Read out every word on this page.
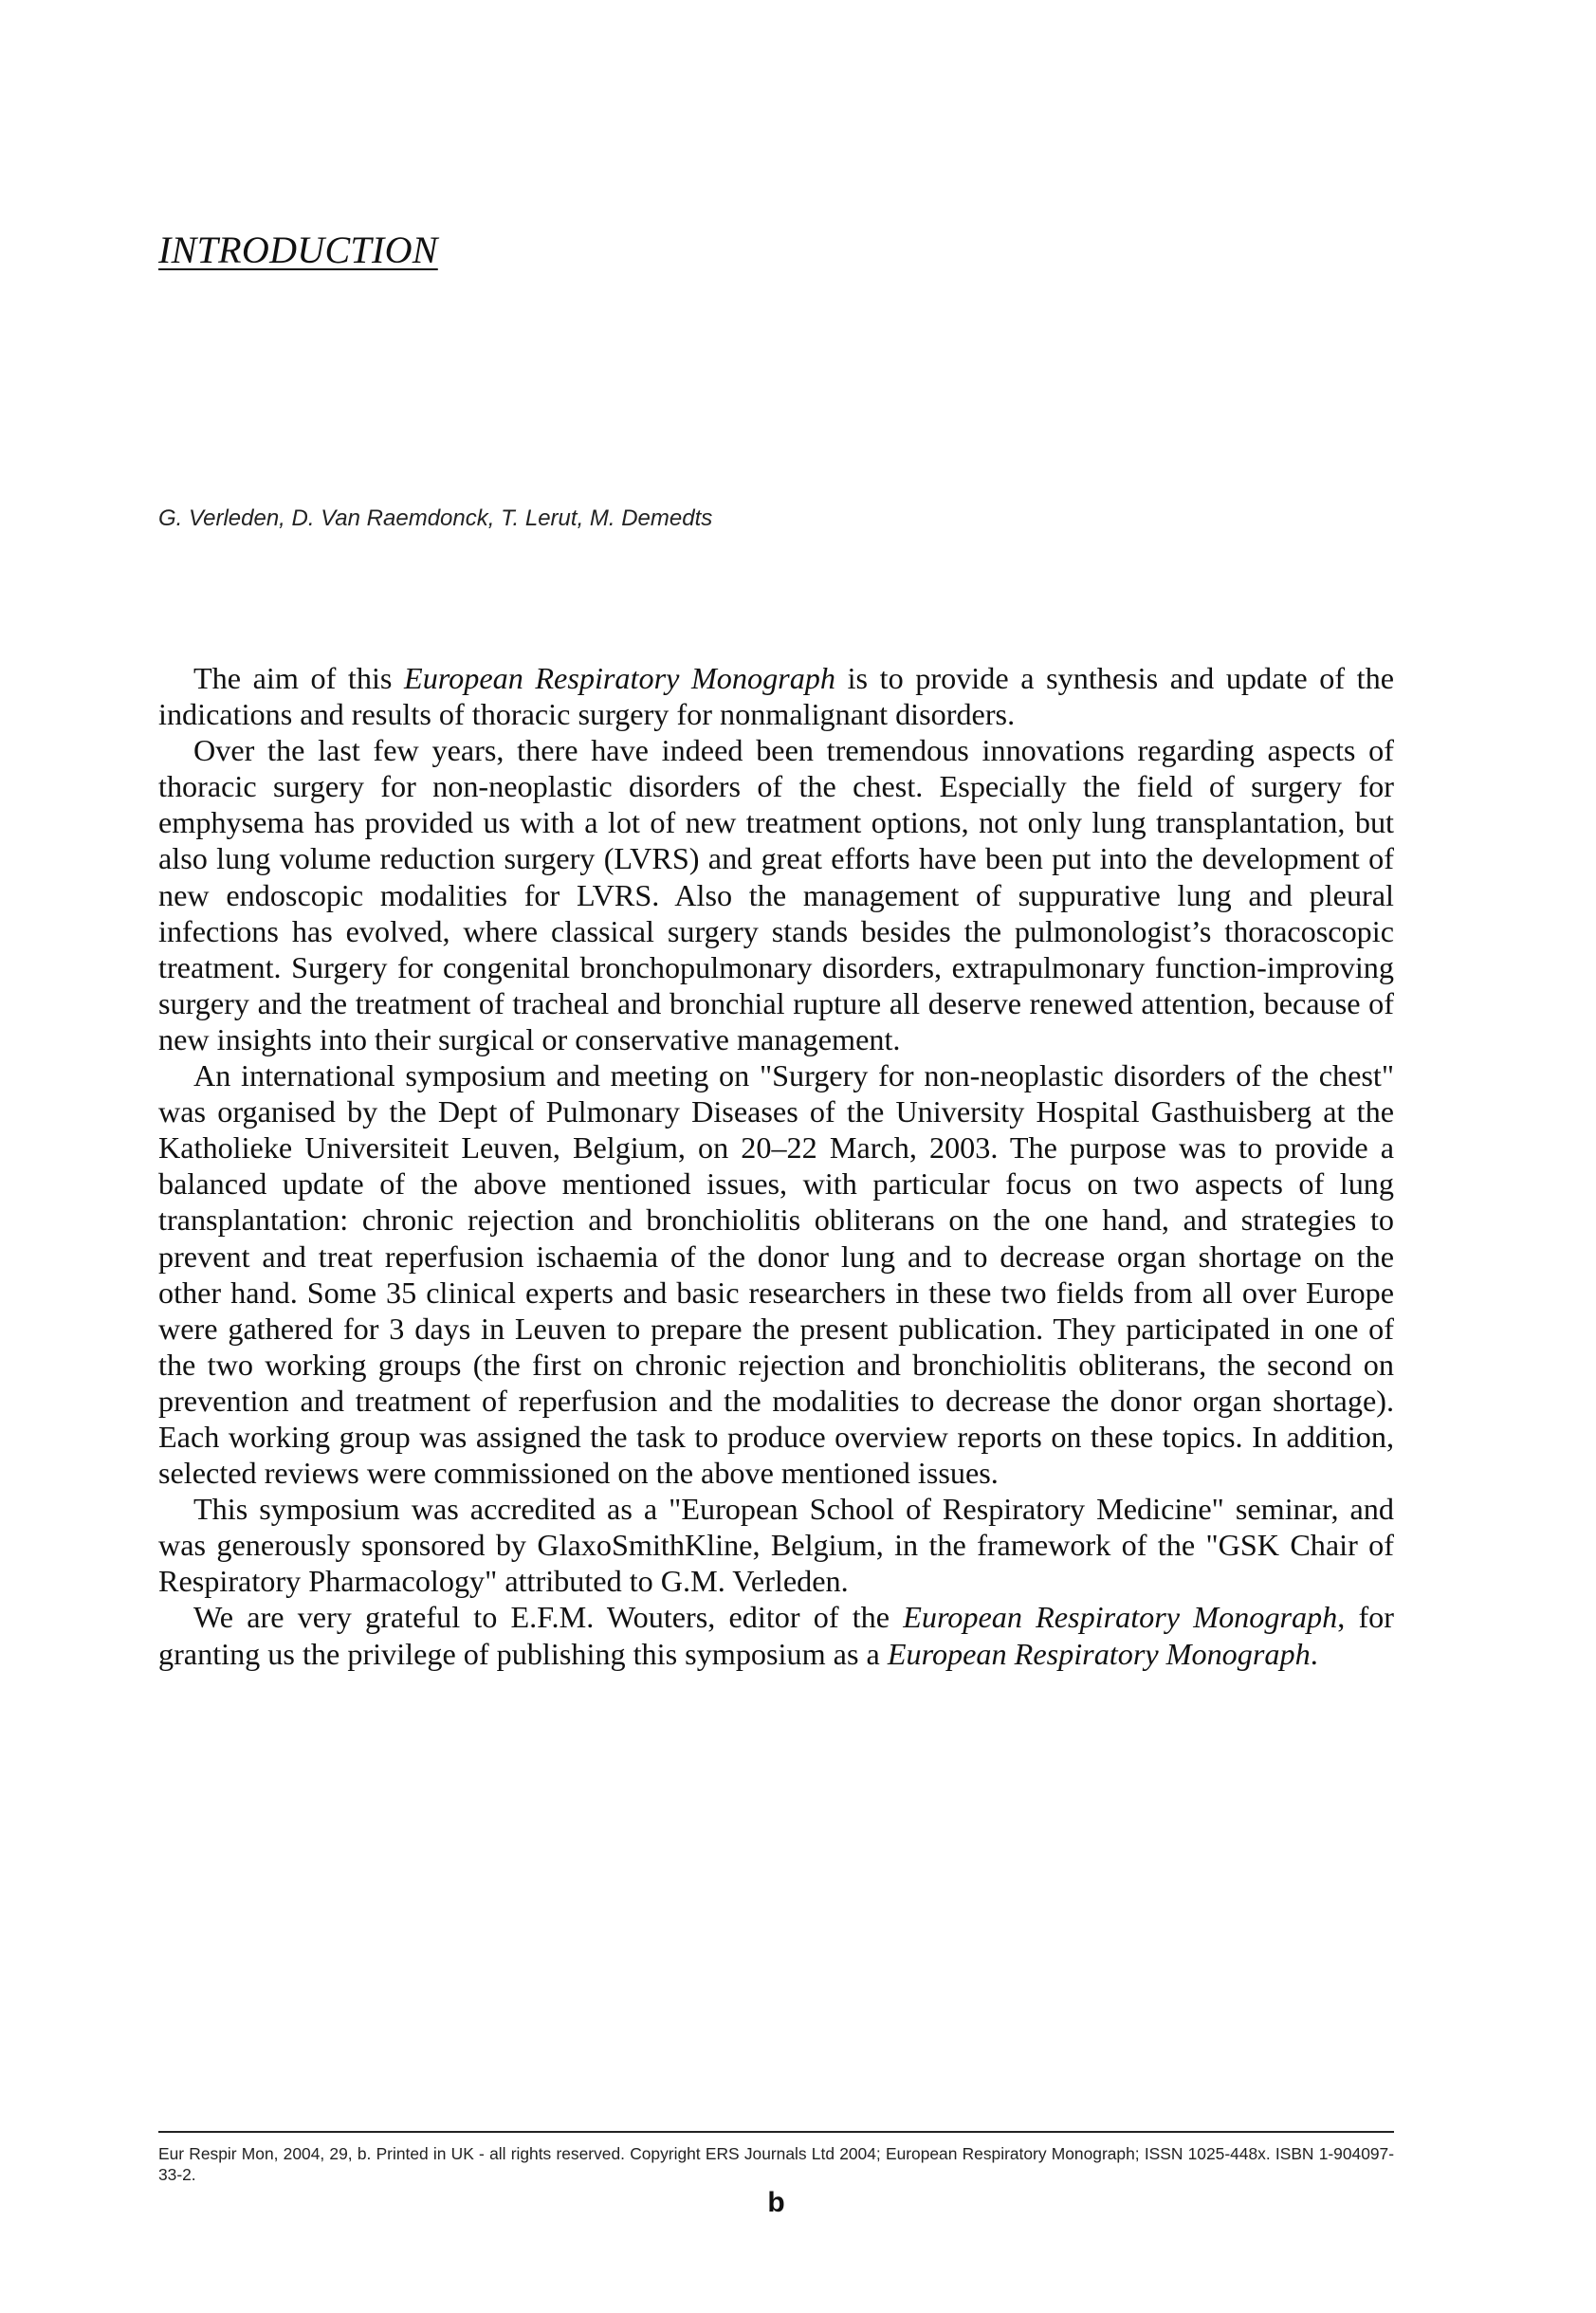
INTRODUCTION
G. Verleden, D. Van Raemdonck, T. Lerut, M. Demedts

The aim of this European Respiratory Monograph is to provide a synthesis and update of the indications and results of thoracic surgery for nonmalignant disorders.

Over the last few years, there have indeed been tremendous innovations regarding aspects of thoracic surgery for non-neoplastic disorders of the chest. Especially the field of surgery for emphysema has provided us with a lot of new treatment options, not only lung transplantation, but also lung volume reduction surgery (LVRS) and great efforts have been put into the development of new endoscopic modalities for LVRS. Also the management of suppurative lung and pleural infections has evolved, where classical surgery stands besides the pulmonologist’s thoracoscopic treatment. Surgery for congenital bronchopulmonary disorders, extrapulmonary function-improving surgery and the treatment of tracheal and bronchial rupture all deserve renewed attention, because of new insights into their surgical or conservative management.

An international symposium and meeting on "Surgery for non-neoplastic disorders of the chest" was organised by the Dept of Pulmonary Diseases of the University Hospital Gasthuisberg at the Katholieke Universiteit Leuven, Belgium, on 20–22 March, 2003. The purpose was to provide a balanced update of the above mentioned issues, with particular focus on two aspects of lung transplantation: chronic rejection and bronchiolitis obliterans on the one hand, and strategies to prevent and treat reperfusion ischaemia of the donor lung and to decrease organ shortage on the other hand. Some 35 clinical experts and basic researchers in these two fields from all over Europe were gathered for 3 days in Leuven to prepare the present publication. They participated in one of the two working groups (the first on chronic rejection and bronchiolitis obliterans, the second on prevention and treatment of reperfusion and the modalities to decrease the donor organ shortage). Each working group was assigned the task to produce overview reports on these topics. In addition, selected reviews were commissioned on the above mentioned issues.

This symposium was accredited as a "European School of Respiratory Medicine" seminar, and was generously sponsored by GlaxoSmithKline, Belgium, in the framework of the "GSK Chair of Respiratory Pharmacology" attributed to G.M. Verleden.

We are very grateful to E.F.M. Wouters, editor of the European Respiratory Monograph, for granting us the privilege of publishing this symposium as a European Respiratory Monograph.

Eur Respir Mon, 2004, 29, b. Printed in UK - all rights reserved. Copyright ERS Journals Ltd 2004; European Respiratory Monograph; ISSN 1025-448x. ISBN 1-904097-33-2.
b
